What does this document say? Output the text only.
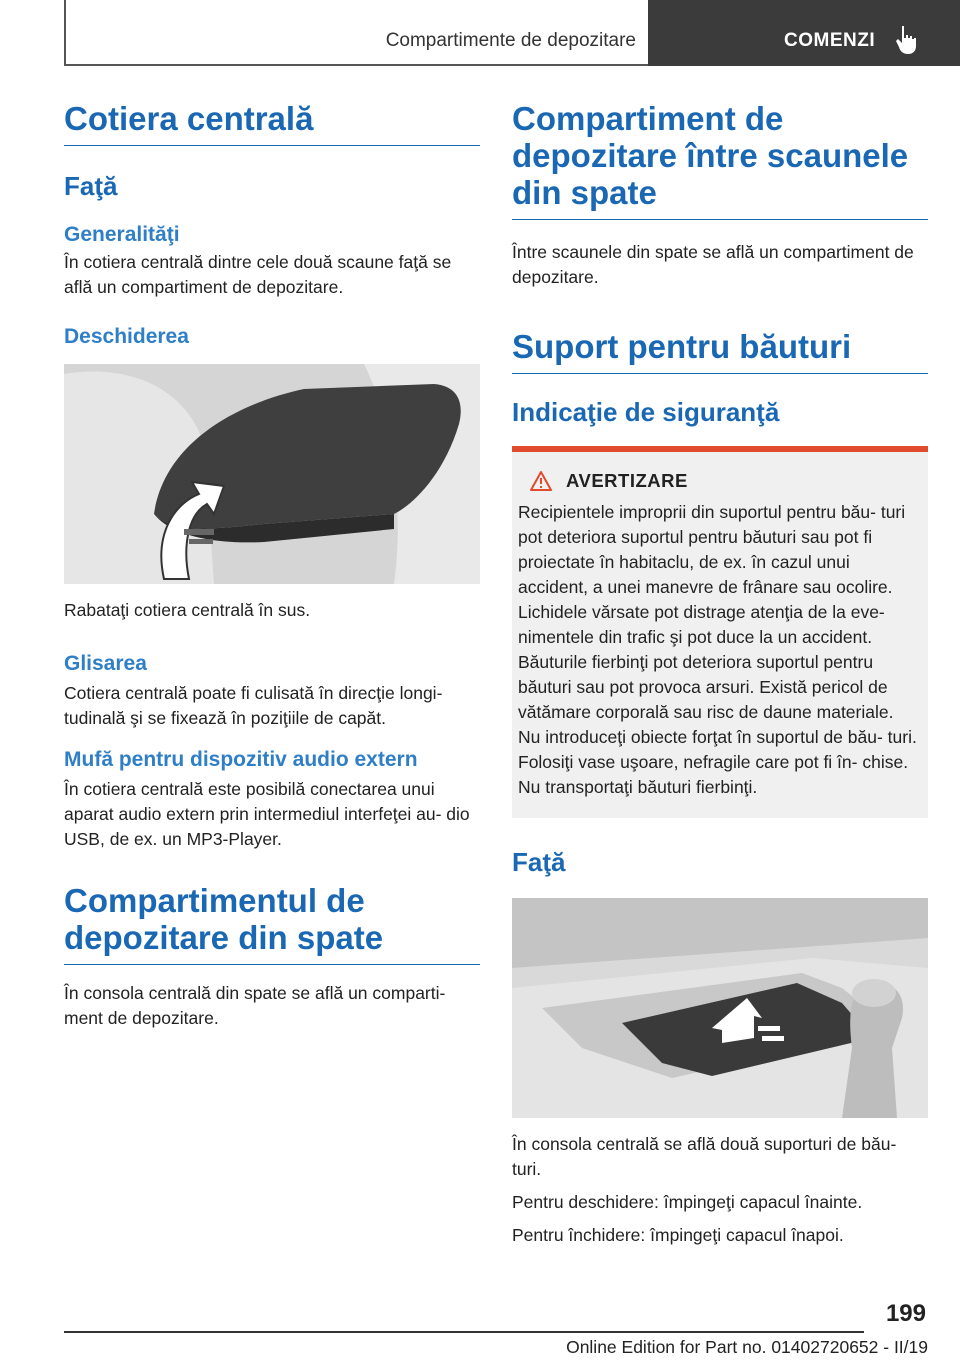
Compartimente de depozitare	COMENZI
Cotiera centrală
Faţă
Generalităţi

În cotiera centrală dintre cele două scaune faţă se află un compartiment de depozitare.

Deschiderea

Rabataţi cotiera centrală în sus.

Glisarea

Cotiera centrală poate fi culisată în direcţie longi- tudinală şi se fixează în poziţiile de capăt.

Mufă pentru dispozitiv audio extern

În cotiera centrală este posibilă conectarea unui aparat audio extern prin intermediul interfeţei au- dio USB, de ex. un MP3-Player.

Compartimentul de depozitare din spate

În consola centrală din spate se află un comparti- ment de depozitare.

Compartiment de depozitare între scaunele din spate

Între scaunele din spate se află un compartiment de depozitare.

Suport pentru băuturi
Indicaţie de siguranţă
AVERTIZARE

Recipientele improprii din suportul pentru bău- turi pot deteriora suportul pentru băuturi sau pot fi proiectate în habitaclu, de ex. în cazul unui accident, a unei manevre de frânare sau ocolire. Lichidele vărsate pot distrage atenţia de la eve- nimentele din trafic şi pot duce la un accident. Băuturile fierbinţi pot deteriora suportul pentru băuturi sau pot provoca arsuri. Există pericol de vătămare corporală sau risc de daune materiale. Nu introduceţi obiecte forţat în suportul de bău- turi. Folosiţi vase uşoare, nefragile care pot fi în- chise. Nu transportaţi băuturi fierbinţi.

Faţă

În consola centrală se află două suporturi de bău- turi.

Pentru deschidere: împingeţi capacul înainte.

Pentru închidere: împingeţi capacul înapoi.

199
Online Edition for Part no. 01402720652 - II/19
